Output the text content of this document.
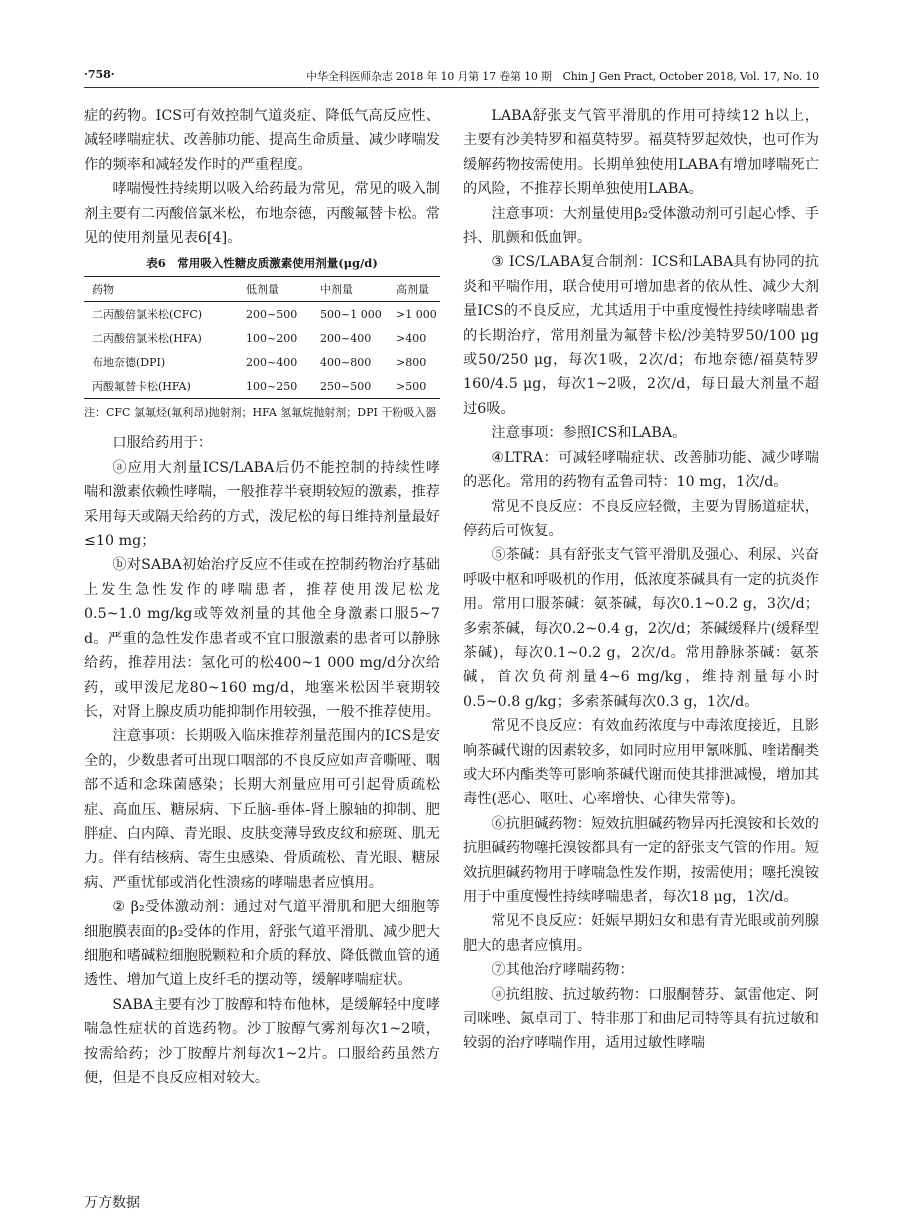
·758·	中华全科医师杂志 2018 年 10 月第 17 卷第 10 期　Chin J Gen Pract, October 2018, Vol. 17, No. 10

症的药物。ICS可有效控制气道炎症、降低气高反应性、减轻哮喘症状、改善肺功能、提高生命质量、减少哮喘发作的频率和减轻发作时的严重程度。

哮喘慢性持续期以吸入给药最为常见，常见的吸入制剂主要有二丙酸倍氯米松，布地奈德，丙酸氟替卡松。常见的使用剂量见表6[4]。

表6　常用吸入性糖皮质激素使用剂量(μg/d)
药物	低剂量	中剂量	高剂量
二丙酸倍氯米松(CFC)	200~500	500~1 000	>1 000
二丙酸倍氯米松(HFA)	100~200	200~400	>400
布地奈德(DPI)	200~400	400~800	>800
丙酸氟替卡松(HFA)	100~250	250~500	>500
注：CFC 氯氟烃(氟利昂)抛射剂；HFA 氢氟烷抛射剂；DPI 干粉吸入器

口服给药用于：

ⓐ应用大剂量ICS/LABA后仍不能控制的持续性哮喘和激素依赖性哮喘，一般推荐半衰期较短的激素，推荐采用每天或隔天给药的方式，泼尼松的每日维持剂量最好≤10 mg；

ⓑ对SABA初始治疗反应不佳或在控制药物治疗基础上发生急性发作的哮喘患者，推荐使用泼尼松龙0.5~1.0 mg/kg或等效剂量的其他全身激素口服5~7 d。严重的急性发作患者或不宜口服激素的患者可以静脉给药，推荐用法：氢化可的松400~1 000 mg/d分次给药，或甲泼尼龙80~160 mg/d，地塞米松因半衰期较长，对肾上腺皮质功能抑制作用较强，一般不推荐使用。

注意事项：长期吸入临床推荐剂量范围内的ICS是安全的，少数患者可出现口咽部的不良反应如声音嘶哑、咽部不适和念珠菌感染；长期大剂量应用可引起骨质疏松症、高血压、糖尿病、下丘脑-垂体-肾上腺轴的抑制、肥胖症、白内障、青光眼、皮肤变薄导致皮纹和瘀斑、肌无力。伴有结核病、寄生虫感染、骨质疏松、青光眼、糖尿病、严重忧郁或消化性溃疡的哮喘患者应慎用。

② β₂受体激动剂：通过对气道平滑肌和肥大细胞等细胞膜表面的β₂受体的作用，舒张气道平滑肌、减少肥大细胞和嗜碱粒细胞脱颗粒和介质的释放、降低微血管的通透性、增加气道上皮纤毛的摆动等，缓解哮喘症状。

SABA主要有沙丁胺醇和特布他林，是缓解轻中度哮喘急性症状的首选药物。沙丁胺醇气雾剂每次1~2喷，按需给药；沙丁胺醇片剂每次1~2片。口服给药虽然方便，但是不良反应相对较大。

LABA舒张支气管平滑肌的作用可持续12 h以上，主要有沙美特罗和福莫特罗。福莫特罗起效快，也可作为缓解药物按需使用。长期单独使用LABA有增加哮喘死亡的风险，不推荐长期单独使用LABA。

注意事项：大剂量使用β₂受体激动剂可引起心悸、手抖、肌颤和低血钾。

③ ICS/LABA复合制剂：ICS和LABA具有协同的抗炎和平喘作用，联合使用可增加患者的依从性、减少大剂量ICS的不良反应，尤其适用于中重度慢性持续哮喘患者的长期治疗，常用剂量为氟替卡松/沙美特罗50/100 μg或50/250 μg，每次1吸，2次/d；布地奈德/福莫特罗160/4.5 μg，每次1~2吸，2次/d，每日最大剂量不超过6吸。

注意事项：参照ICS和LABA。

④LTRA：可减轻哮喘症状、改善肺功能、减少哮喘的恶化。常用的药物有孟鲁司特：10 mg，1次/d。

常见不良反应：不良反应轻微，主要为胃肠道症状，停药后可恢复。

⑤茶碱：具有舒张支气管平滑肌及强心、利尿、兴奋呼吸中枢和呼吸机的作用，低浓度茶碱具有一定的抗炎作用。常用口服茶碱：氨茶碱，每次0.1~0.2 g，3次/d；多索茶碱，每次0.2~0.4 g，2次/d；茶碱缓释片(缓释型茶碱)，每次0.1~0.2 g，2次/d。常用静脉茶碱：氨茶碱，首次负荷剂量4~6 mg/kg，维持剂量每小时0.5~0.8 g/kg；多索茶碱每次0.3 g，1次/d。

常见不良反应：有效血药浓度与中毒浓度接近，且影响茶碱代谢的因素较多，如同时应用甲氰咪胍、喹诺酮类或大环内酯类等可影响茶碱代谢而使其排泄减慢，增加其毒性(恶心、呕吐、心率增快、心律失常等)。

⑥抗胆碱药物：短效抗胆碱药物异丙托溴铵和长效的抗胆碱药物噻托溴铵都具有一定的舒张支气管的作用。短效抗胆碱药物用于哮喘急性发作期，按需使用；噻托溴铵用于中重度慢性持续哮喘患者，每次18 μg，1次/d。

常见不良反应：妊娠早期妇女和患有青光眼或前列腺肥大的患者应慎用。

⑦其他治疗哮喘药物：

ⓐ抗组胺、抗过敏药物：口服酮替芬、氯雷他定、阿司咪唑、氮卓司丁、特非那丁和曲尼司特等具有抗过敏和较弱的治疗哮喘作用，适用过敏性哮喘

万方数据
